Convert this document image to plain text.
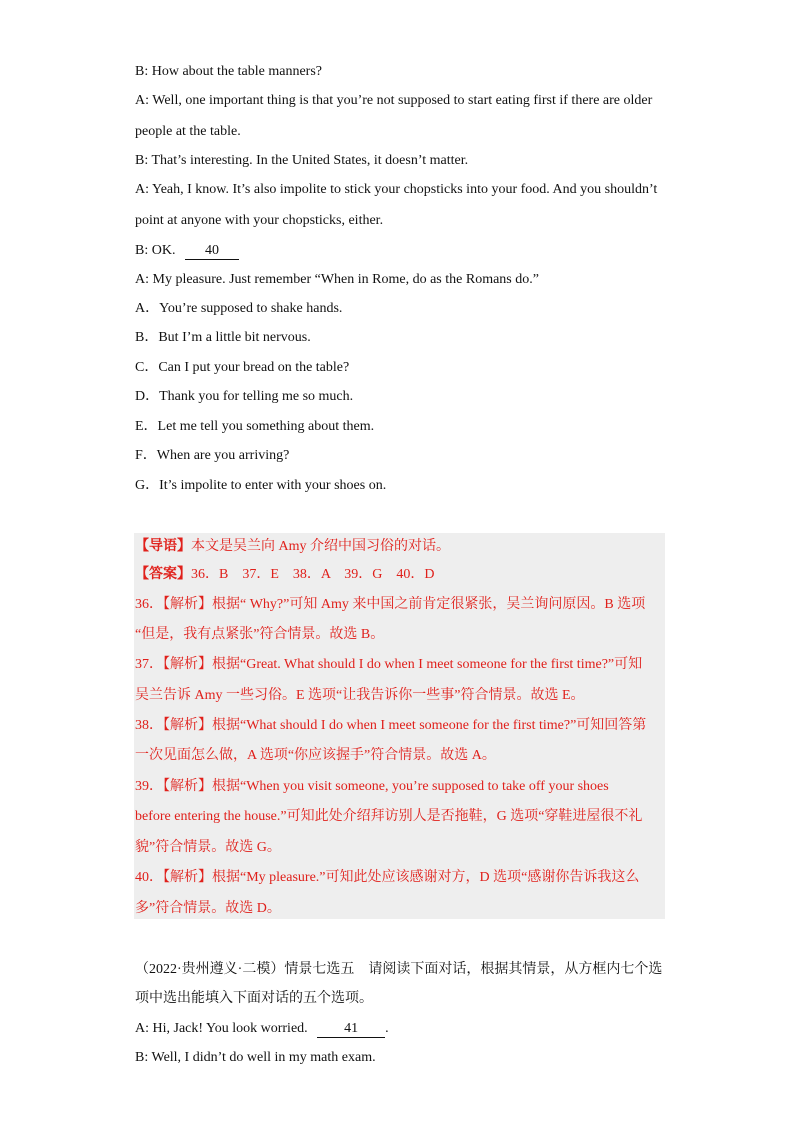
B: How about the table manners?
A: Well, one important thing is that you’re not supposed to start eating first if there are older
people at the table.
B: That’s interesting. In the United States, it doesn’t matter.
A: Yeah, I know. It’s also impolite to stick your chopsticks into your food. And you shouldn’t
point at anyone with your chopsticks, either.
B: OK. 40
A: My pleasure. Just remember “When in Rome, do as the Romans do.”
A．You’re supposed to shake hands.
B．But I’m a little bit nervous.
C．Can I put your bread on the table?
D．Thank you for telling me so much.
E．Let me tell you something about them.
F．When are you arriving?
G．It’s impolite to enter with your shoes on.
【导语】本文是吴兰向 Amy 介绍中国习俗的对话。
【答案】36．B　37．E　38．A　39．G　40．D
36．【解析】根据“ Why?”可知 Amy 来中国之前肯定很紧张，吴兰询问原因。B 选项
“但是，我有点紧张”符合情景。故选 B。
37．【解析】根据“Great. What should I do when I meet someone for the first time?”可知
吴兰告诉 Amy 一些习俗。E 选项“让我告诉你一些事”符合情景。故选 E。
38．【解析】根据“What should I do when I meet someone for the first time?”可知回答第
一次见面怎么做，A 选项“你应该握手”符合情景。故选 A。
39．【解析】根据“When you visit someone, you’re supposed to take off your shoes
before entering the house.”可知此处介绍拜访别人是否拖鞋，G 选项“穿鞋进屋很不礼
貌”符合情景。故选 G。
40．【解析】根据“My pleasure.”可知此处应该感谢对方，D 选项“感谢你告诉我这么
多”符合情景。故选 D。
（2022·贵州遵义·二模）情景七选五　请阅读下面对话，根据其情景，从方框内七个选
项中选出能填入下面对话的五个选项。
A: Hi, Jack! You look worried.	41 .
B: Well, I didn’t do well in my math exam.
